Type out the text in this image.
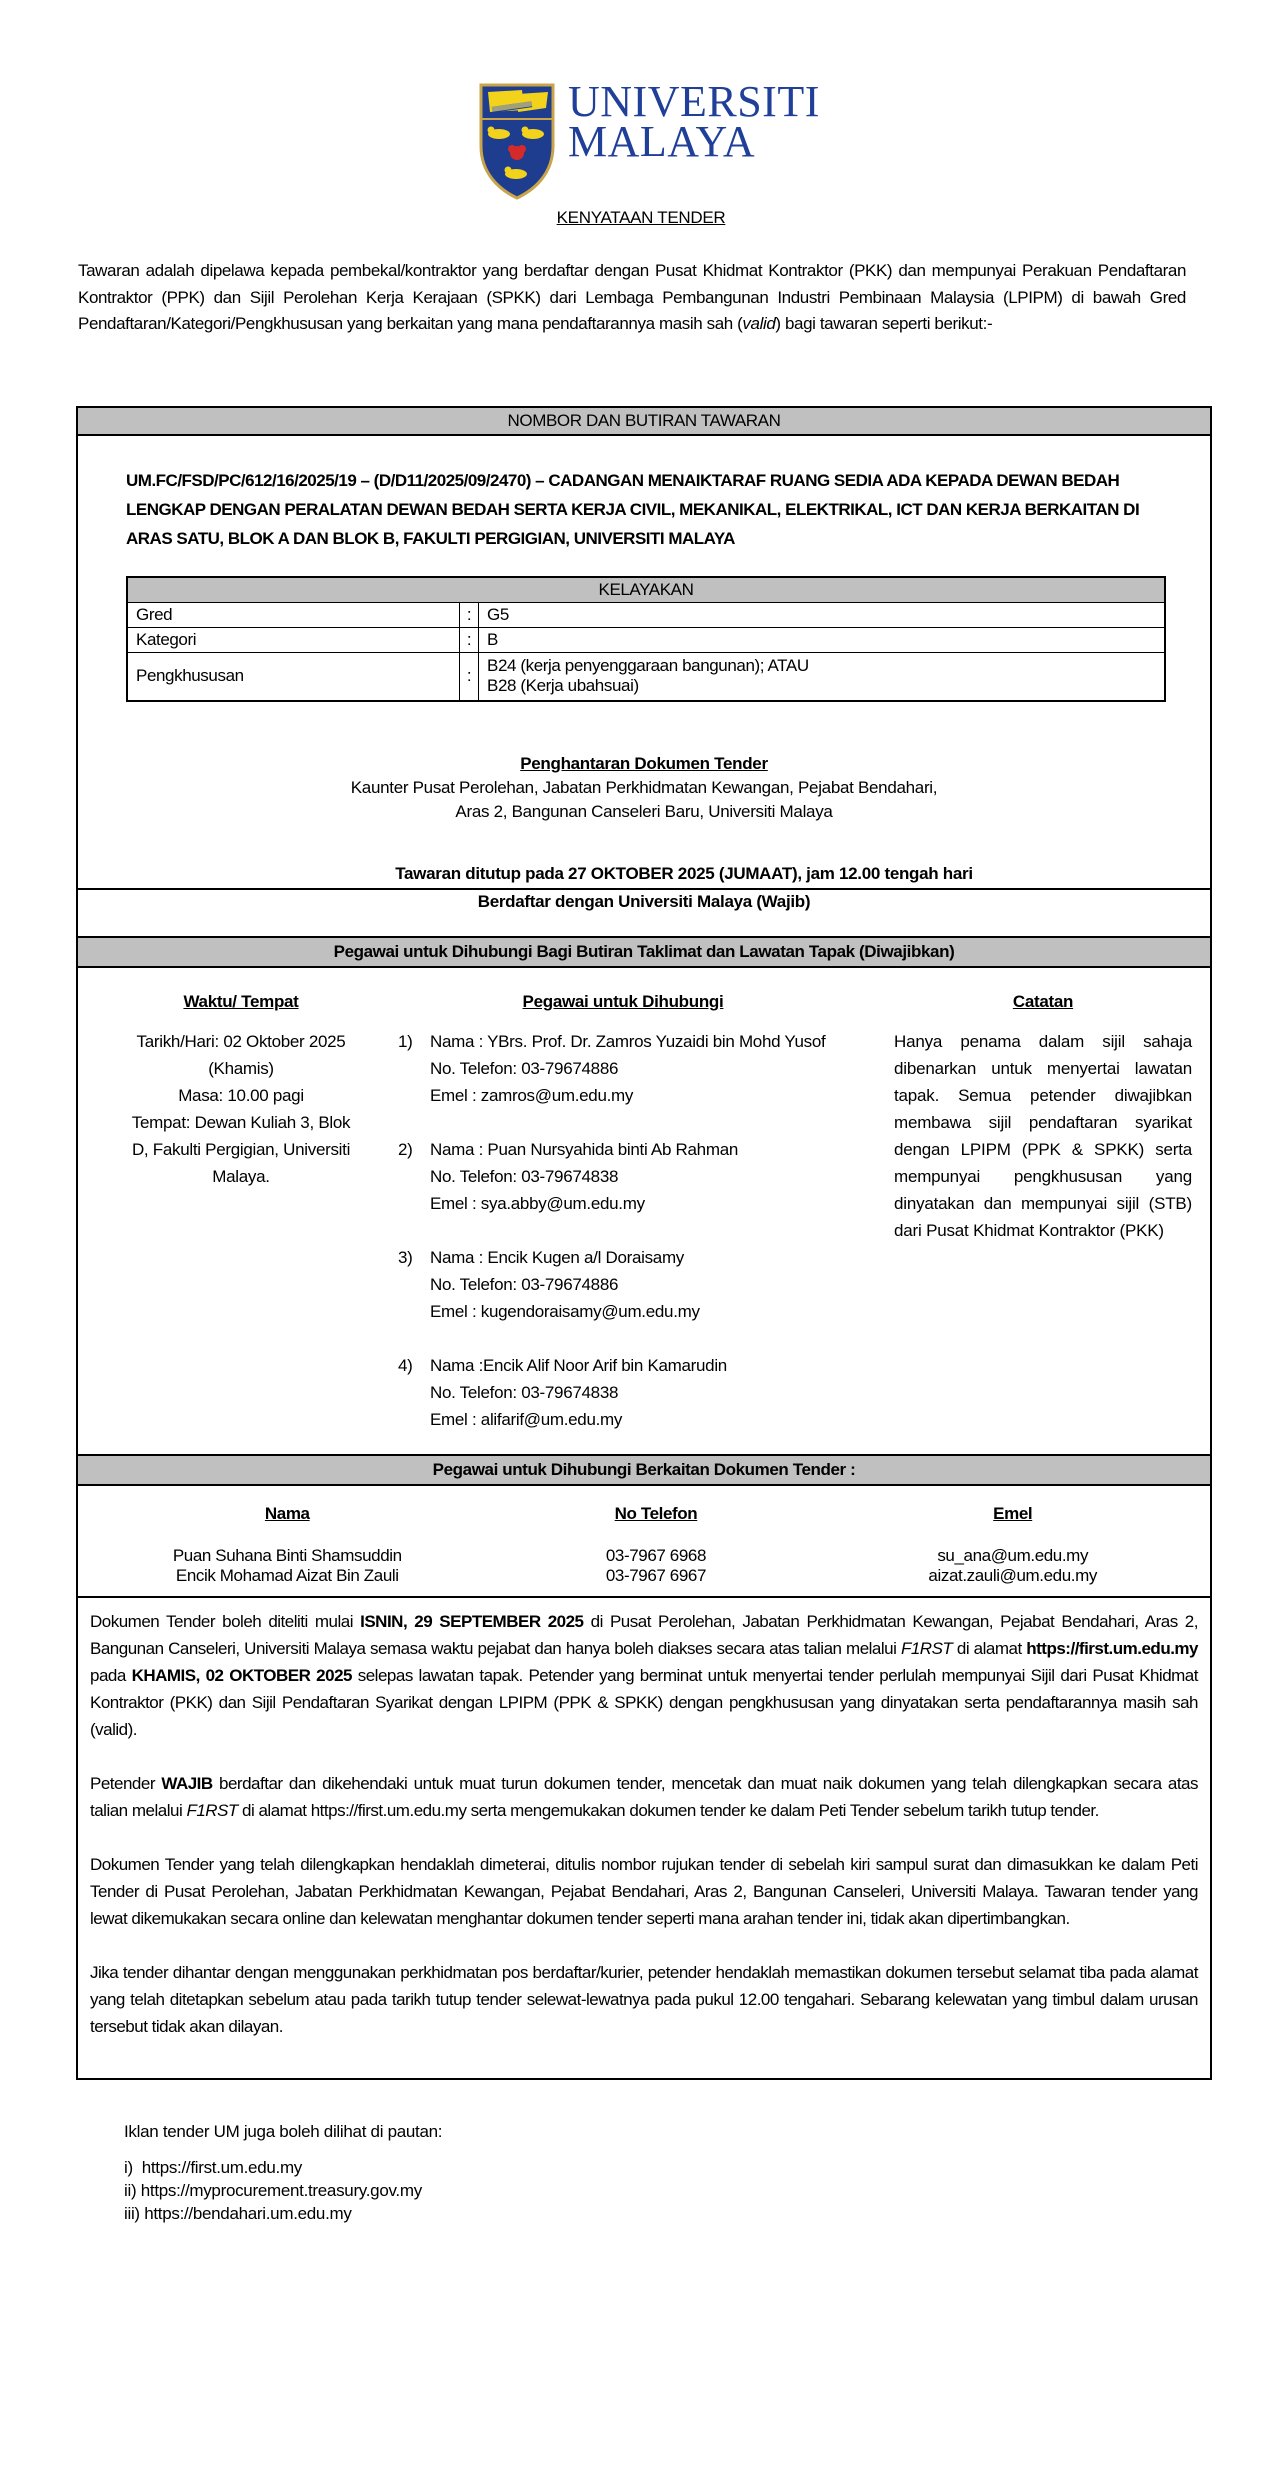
UNIVERSITI
MALAYA
KENYATAAN TENDER
Tawaran adalah dipelawa kepada pembekal/kontraktor yang berdaftar dengan Pusat Khidmat Kontraktor (PKK) dan mempunyai Perakuan Pendaftaran Kontraktor (PPK) dan Sijil Perolehan Kerja Kerajaan (SPKK) dari Lembaga Pembangunan Industri Pembinaan Malaysia (LPIPM) di bawah Gred Pendaftaran/Kategori/Pengkhususan yang berkaitan yang mana pendaftarannya masih sah (valid) bagi tawaran seperti berikut:-
NOMBOR DAN BUTIRAN TAWARAN
UM.FC/FSD/PC/612/16/2025/19 – (D/D11/2025/09/2470) – CADANGAN MENAIKTARAF RUANG SEDIA ADA KEPADA DEWAN BEDAH LENGKAP DENGAN PERALATAN DEWAN BEDAH SERTA KERJA CIVIL, MEKANIKAL, ELEKTRIKAL, ICT DAN KERJA BERKAITAN DI ARAS SATU, BLOK A DAN BLOK B, FAKULTI PERGIGIAN, UNIVERSITI MALAYA
KELAYAKAN		
Gred	:	G5
Kategori	:	B
Pengkhususan	:	B24 (kerja penyenggaraan bangunan); ATAU
B28 (Kerja ubahsuai)
Penghantaran Dokumen Tender
Kaunter Pusat Perolehan, Jabatan Perkhidmatan Kewangan, Pejabat Bendahari,
Aras 2, Bangunan Canseleri Baru, Universiti Malaya
Tawaran ditutup pada 27 OKTOBER 2025 (JUMAAT), jam 12.00 tengah hari
Berdaftar dengan Universiti Malaya (Wajib)
Pegawai untuk Dihubungi Bagi Butiran Taklimat dan Lawatan Tapak (Diwajibkan)
Waktu/ Tempat	Pegawai untuk Dihubungi	Catatan
Tarikh/Hari: 02 Oktober 2025
(Khamis)
Masa: 10.00 pagi
Tempat: Dewan Kuliah 3, Blok
D, Fakulti Pergigian, Universiti
Malaya.
1)	Nama : YBrs. Prof. Dr. Zamros Yuzaidi bin Mohd Yusof
No. Telefon: 03-79674886
Emel : zamros@um.edu.my
2)	Nama : Puan Nursyahida binti Ab Rahman
No. Telefon: 03-79674838
Emel : sya.abby@um.edu.my
3)	Nama : Encik Kugen a/l Doraisamy
No. Telefon: 03-79674886
Emel : kugendoraisamy@um.edu.my
4)	Nama :Encik Alif Noor Arif bin Kamarudin
No. Telefon: 03-79674838
Emel : alifarif@um.edu.my
Hanya penama dalam sijil sahaja dibenarkan untuk menyertai lawatan tapak. Semua petender diwajibkan membawa sijil pendaftaran syarikat dengan LPIPM (PPK & SPKK) serta mempunyai pengkhususan yang dinyatakan dan mempunyai sijil (STB) dari Pusat Khidmat Kontraktor (PKK)
Pegawai untuk Dihubungi Berkaitan Dokumen Tender :
Nama	No Telefon	Emel
Puan Suhana Binti Shamsuddin	03-7967 6968	su_ana@um.edu.my
Encik Mohamad Aizat Bin Zauli	03-7967 6967	aizat.zauli@um.edu.my

Dokumen Tender boleh diteliti mulai ISNIN, 29 SEPTEMBER 2025 di Pusat Perolehan, Jabatan Perkhidmatan Kewangan, Pejabat Bendahari, Aras 2, Bangunan Canseleri, Universiti Malaya semasa waktu pejabat dan hanya boleh diakses secara atas talian melalui F1RST di alamat https://first.um.edu.my pada KHAMIS, 02 OKTOBER 2025 selepas lawatan tapak. Petender yang berminat untuk menyertai tender perlulah mempunyai Sijil dari Pusat Khidmat Kontraktor (PKK) dan Sijil Pendaftaran Syarikat dengan LPIPM (PPK & SPKK) dengan pengkhususan yang dinyatakan serta pendaftarannya masih sah (valid).

Petender WAJIB berdaftar dan dikehendaki untuk muat turun dokumen tender, mencetak dan muat naik dokumen yang telah dilengkapkan secara atas talian melalui F1RST di alamat https://first.um.edu.my serta mengemukakan dokumen tender ke dalam Peti Tender sebelum tarikh tutup tender.

Dokumen Tender yang telah dilengkapkan hendaklah dimeterai, ditulis nombor rujukan tender di sebelah kiri sampul surat dan dimasukkan ke dalam Peti Tender di Pusat Perolehan, Jabatan Perkhidmatan Kewangan, Pejabat Bendahari, Aras 2, Bangunan Canseleri, Universiti Malaya. Tawaran tender yang lewat dikemukakan secara online dan kelewatan menghantar dokumen tender seperti mana arahan tender ini, tidak akan dipertimbangkan.

Jika tender dihantar dengan menggunakan perkhidmatan pos berdaftar/kurier, petender hendaklah memastikan dokumen tersebut selamat tiba pada alamat yang telah ditetapkan sebelum atau pada tarikh tutup tender selewat-lewatnya pada pukul 12.00 tengahari. Sebarang kelewatan yang timbul dalam urusan tersebut tidak akan dilayan.

Iklan tender UM juga boleh dilihat di pautan:
i)  https://first.um.edu.my
ii) https://myprocurement.treasury.gov.my
iii) https://bendahari.um.edu.my
